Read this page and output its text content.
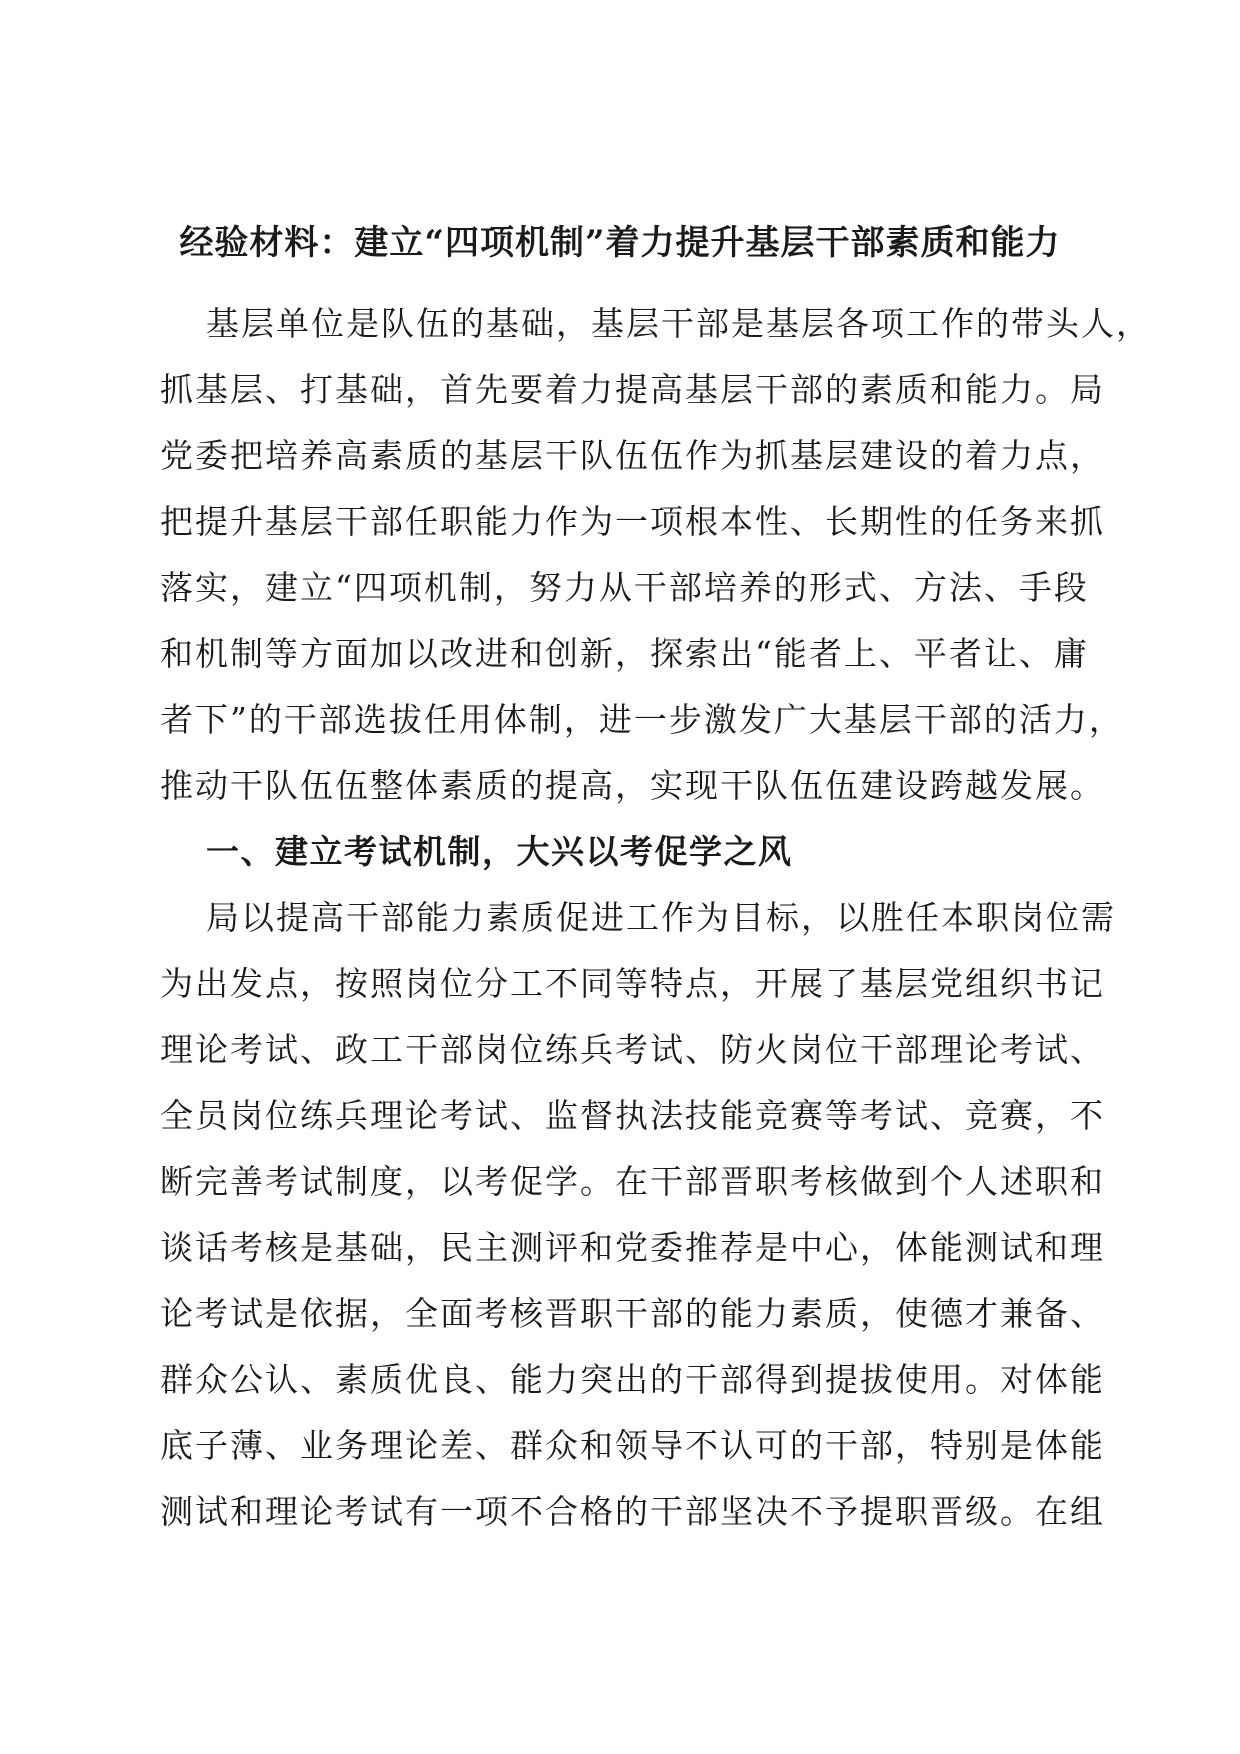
经验材料：建立“四项机制”着力提升基层干部素质和能力
基层单位是队伍的基础，基层干部是基层各项工作的带头人，
抓基层、打基础，首先要着力提高基层干部的素质和能力。局
党委把培养高素质的基层干队伍伍作为抓基层建设的着力点，
把提升基层干部任职能力作为一项根本性、长期性的任务来抓
落实，建立“四项机制，努力从干部培养的形式、方法、手段
和机制等方面加以改进和创新，探索出“能者上、平者让、庸
者下”的干部选拔任用体制，进一步激发广大基层干部的活力，
推动干队伍伍整体素质的提高，实现干队伍伍建设跨越发展。
一、建立考试机制，大兴以考促学之风
局以提高干部能力素质促进工作为目标，以胜任本职岗位需
为出发点，按照岗位分工不同等特点，开展了基层党组织书记
理论考试、政工干部岗位练兵考试、防火岗位干部理论考试、
全员岗位练兵理论考试、监督执法技能竞赛等考试、竞赛，不
断完善考试制度，以考促学。在干部晋职考核做到个人述职和
谈话考核是基础，民主测评和党委推荐是中心，体能测试和理
论考试是依据，全面考核晋职干部的能力素质，使德才兼备、
群众公认、素质优良、能力突出的干部得到提拔使用。对体能
底子薄、业务理论差、群众和领导不认可的干部，特别是体能
测试和理论考试有一项不合格的干部坚决不予提职晋级。在组
